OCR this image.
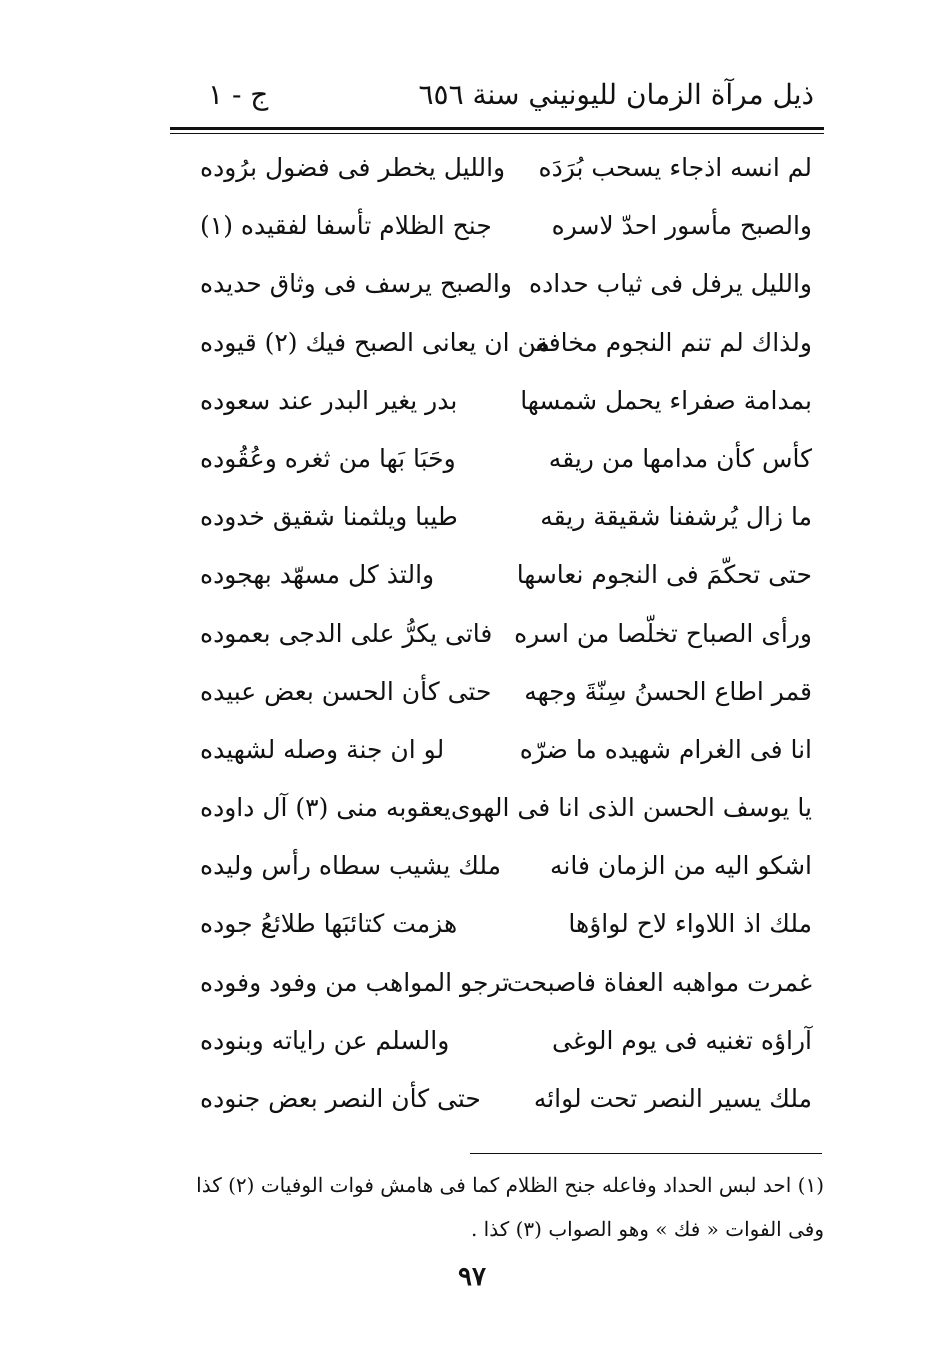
ذيل مرآة الزمان لليونيني سنة ٦٥٦
ج - ١
لم انسه اذجاء يسحب بُرَدَه
والليل يخطر فى فضول برُوده
والصبح مأسور احدّ لاسره
جنح الظلام تأسفا لفقيده (١)
والليل يرفل فى ثياب حداده
والصبح يرسف فى وثاق حديده
ولذاك لم تنم النجوم مخافة
من ان يعانى الصبح فيك (٢) قيوده
بمدامة صفراء يحمل شمسها
بدر يغير البدر عند سعوده
كأس كأن مدامها من ريقه
وحَبَا بَها من ثغره وعُقُوده
ما زال يُرشفنا شقيقة ريقه
طيبا ويلثمنا شقيق خدوده
حتى تحكّمَ فى النجوم نعاسها
والتذ كل مسهّد بهجوده
ورأى الصباح تخلّصا من اسره
فاتى يكرُّ على الدجى بعموده
قمر اطاع الحسنُ سِنّةَ وجهه
حتى كأن الحسن بعض عبيده
انا فى الغرام شهيده ما ضرّه
لو ان جنة وصله لشهيده
يا يوسف الحسن الذى انا فى الهوى
يعقوبه منى (٣) آل داوده
اشكو اليه من الزمان فانه
ملك يشيب سطاه رأس وليده
ملك اذ اللاواء لاح لواؤها
هزمت كتائبَها طلائعُ جوده
غمرت مواهبه العفاة فاصبحت
ترجو المواهب من وفود وفوده
آراؤه تغنيه فى يوم الوغى
والسلم عن راياته وبنوده
ملك يسير النصر تحت لوائه
حتى كأن النصر بعض جنوده
(١) احد لبس الحداد وفاعله جنح الظلام كما فى هامش فوات الوفيات (٢) كذا
وفى الفوات « فك » وهو الصواب (٣) كذا .
٩٧
